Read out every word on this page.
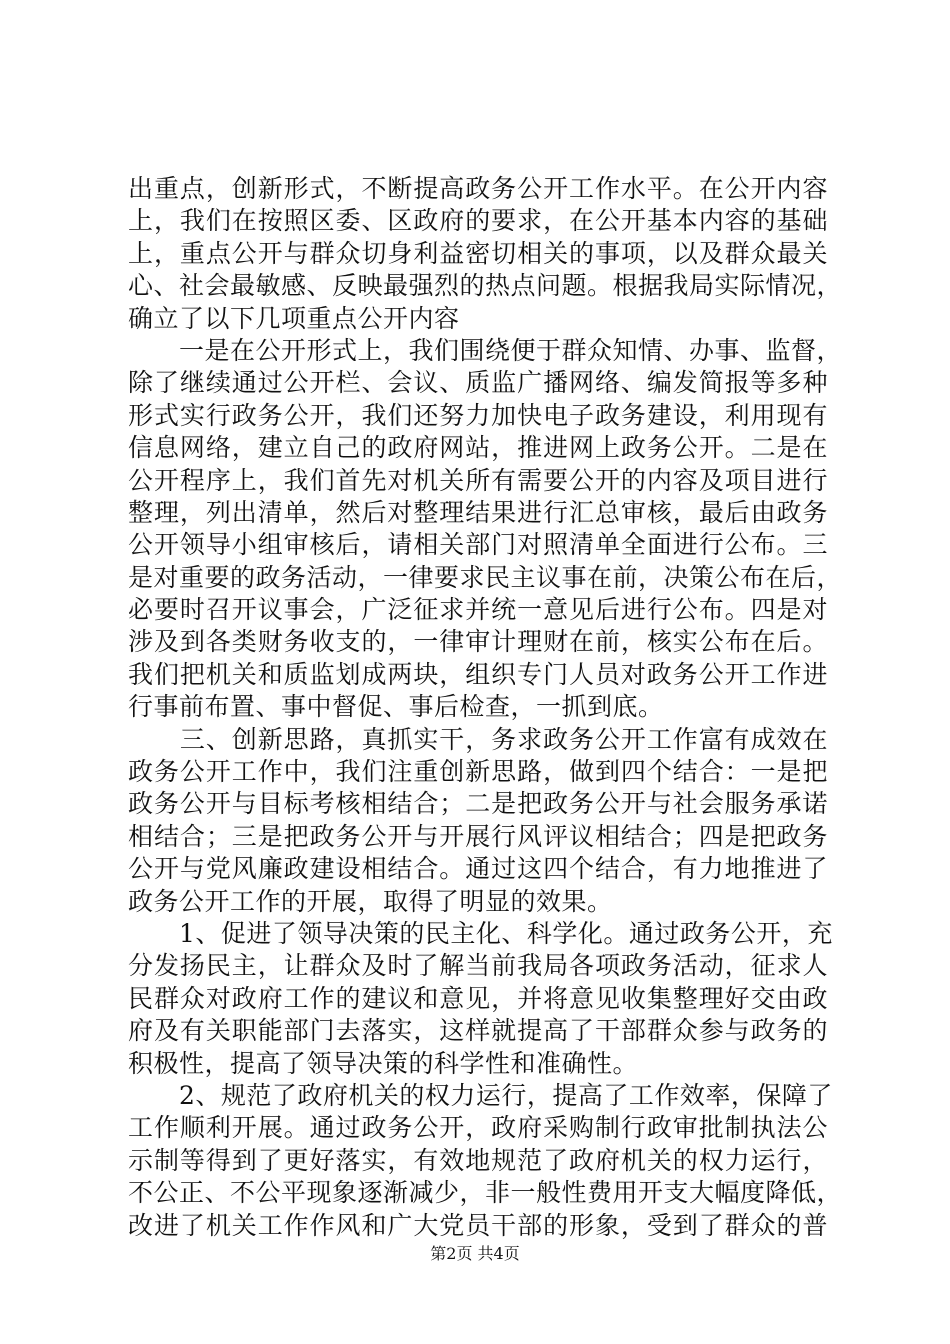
出重点，创新形式，不断提高政务公开工作水平。在公开内容
上，我们在按照区委、区政府的要求，在公开基本内容的基础
上，重点公开与群众切身利益密切相关的事项，以及群众最关
心、社会最敏感、反映最强烈的热点问题。根据我局实际情况，
确立了以下几项重点公开内容
　　一是在公开形式上，我们围绕便于群众知情、办事、监督，
除了继续通过公开栏、会议、质监广播网络、编发简报等多种
形式实行政务公开，我们还努力加快电子政务建设，利用现有
信息网络，建立自己的政府网站，推进网上政务公开。二是在
公开程序上，我们首先对机关所有需要公开的内容及项目进行
整理，列出清单，然后对整理结果进行汇总审核，最后由政务
公开领导小组审核后，请相关部门对照清单全面进行公布。三
是对重要的政务活动，一律要求民主议事在前，决策公布在后，
必要时召开议事会，广泛征求并统一意见后进行公布。四是对
涉及到各类财务收支的，一律审计理财在前，核实公布在后。
我们把机关和质监划成两块，组织专门人员对政务公开工作进
行事前布置、事中督促、事后检查，一抓到底。
　　三、创新思路，真抓实干，务求政务公开工作富有成效在
政务公开工作中，我们注重创新思路，做到四个结合：一是把
政务公开与目标考核相结合；二是把政务公开与社会服务承诺
相结合；三是把政务公开与开展行风评议相结合；四是把政务
公开与党风廉政建设相结合。通过这四个结合，有力地推进了
政务公开工作的开展，取得了明显的效果。
　　1、促进了领导决策的民主化、科学化。通过政务公开，充
分发扬民主，让群众及时了解当前我局各项政务活动，征求人
民群众对政府工作的建议和意见，并将意见收集整理好交由政
府及有关职能部门去落实，这样就提高了干部群众参与政务的
积极性，提高了领导决策的科学性和准确性。
　　2、规范了政府机关的权力运行，提高了工作效率，保障了
工作顺利开展。通过政务公开，政府采购制行政审批制执法公
示制等得到了更好落实，有效地规范了政府机关的权力运行，
不公正、不公平现象逐渐减少，非一般性费用开支大幅度降低，
改进了机关工作作风和广大党员干部的形象，受到了群众的普
第2页 共4页
